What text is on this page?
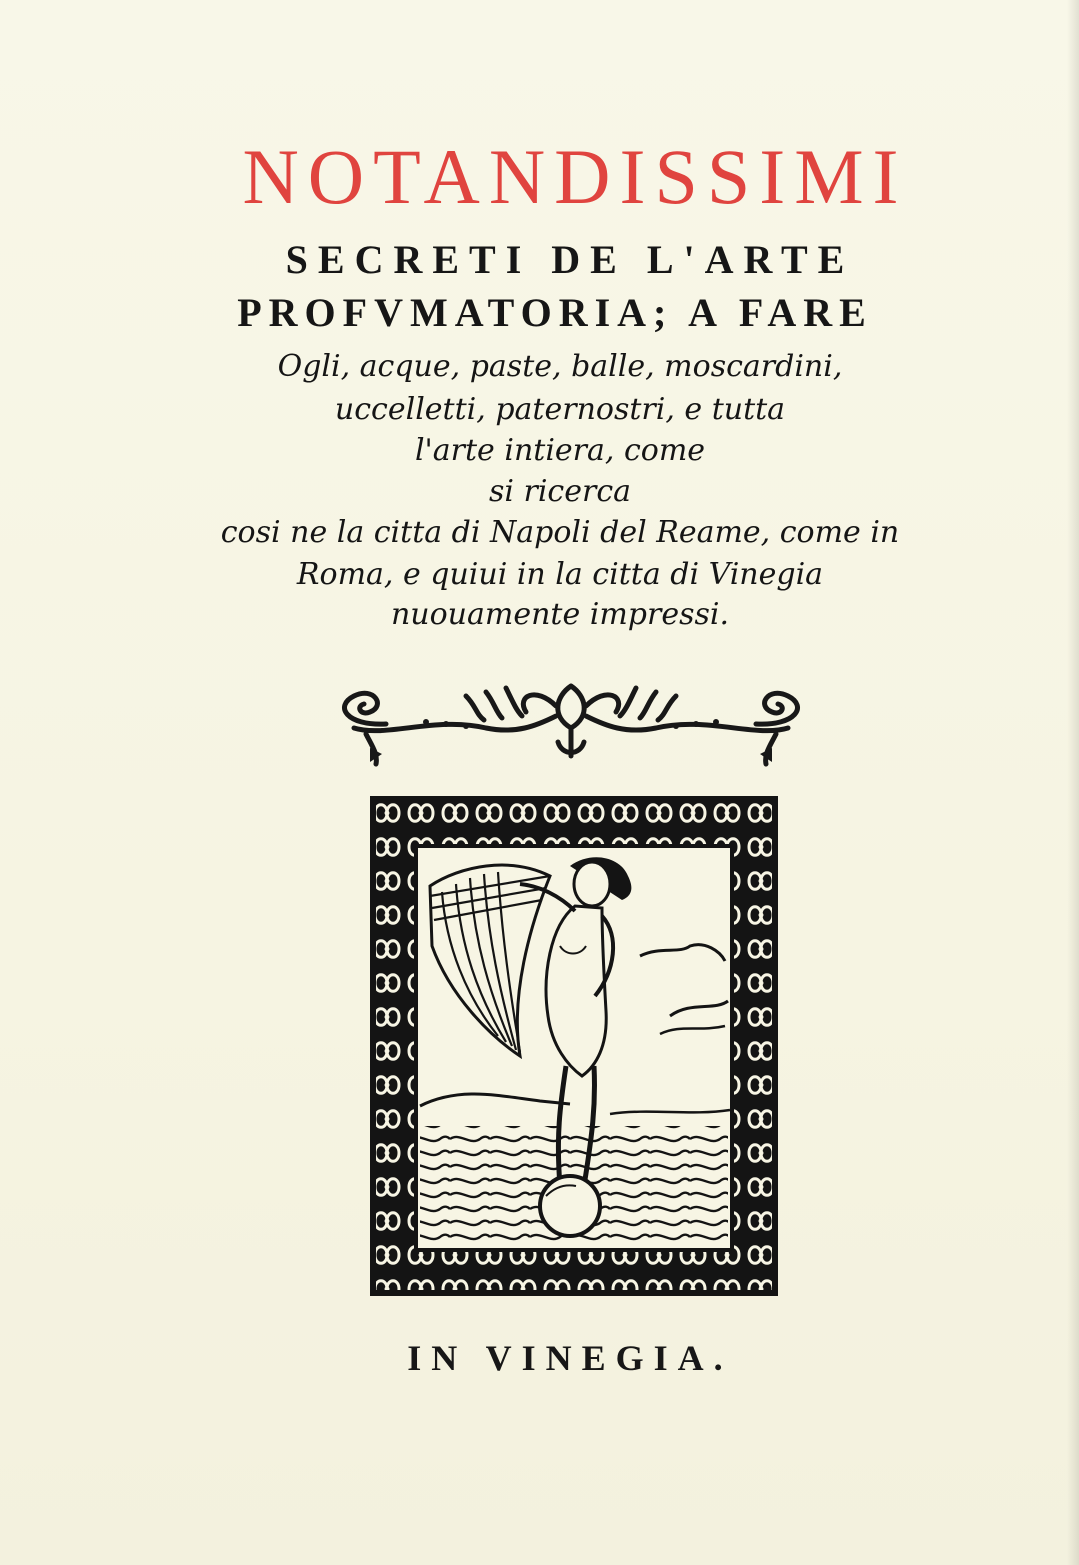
NOTANDISSIMI
SECRETI DE L'ARTE
PROFVMATORIA; A FARE
Ogli, acque, paste, balle, moscardini,
uccelletti, paternostri, e tutta
l'arte intiera, come
si ricerca
cosi ne la citta di Napoli del Reame, come in
Roma, e quiui in la citta di Vinegia
nuouamente impressi.
IN VINEGIA.
